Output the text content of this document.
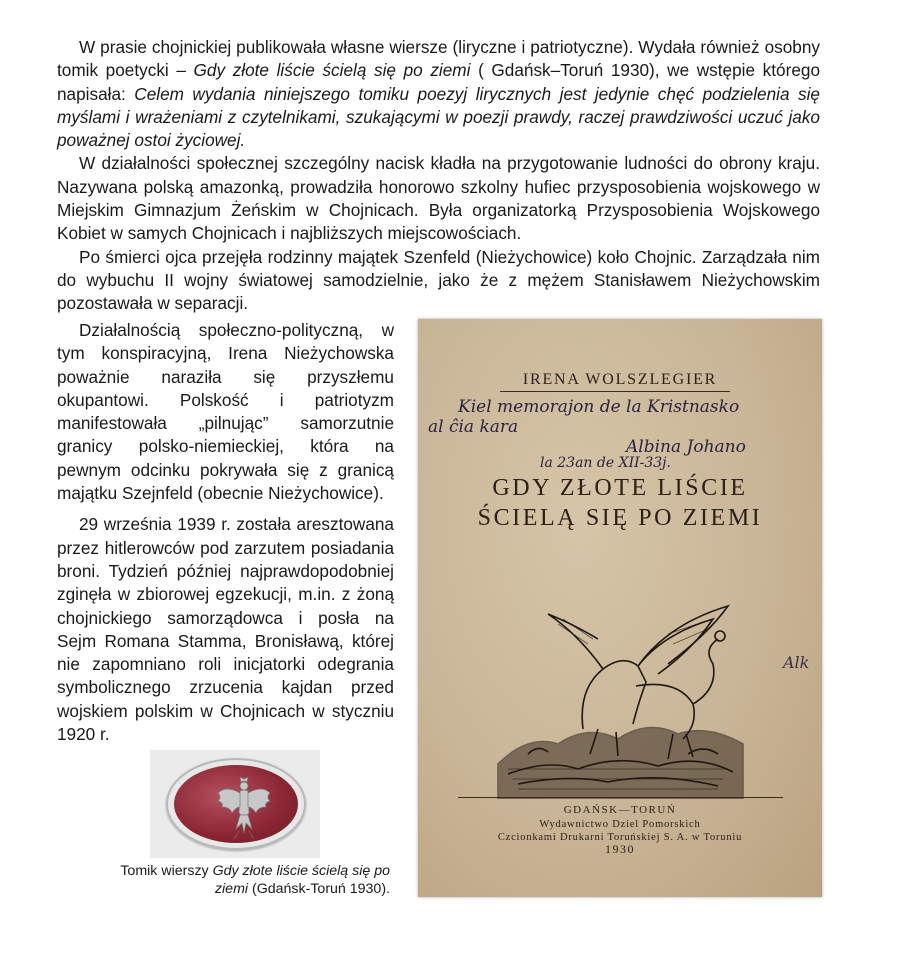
W prasie chojnickiej publikowała własne wiersze (liryczne i patriotyczne). Wydała również osobny tomik poetycki – Gdy złote liście ścielą się po ziemi ( Gdańsk–Toruń 1930), we wstępie którego napisała: Celem wydania niniejszego tomiku poezyj lirycznych jest jedynie chęć podzielenia się myślami i wrażeniami z czytelnikami, szukającymi w poezji prawdy, raczej prawdziwości uczuć jako poważnej ostoi życiowej.

W działalności społecznej szczególny nacisk kładła na przygotowanie ludności do obrony kraju. Nazywana polską amazonką, prowadziła honorowo szkolny hufiec przysposobienia wojskowego w Miejskim Gimnazjum Żeńskim w Chojnicach. Była organizatorką Przysposobienia Wojskowego Kobiet w samych Chojnicach i najbliższych miejscowościach.

Po śmierci ojca przejęła rodzinny majątek Szenfeld (Nieżychowice) koło Chojnic. Zarządzała nim do wybuchu II wojny światowej samodzielnie, jako że z mężem Stanisławem Nieżychowskim pozostawała w separacji.

Działalnością społeczno-polityczną, w tym konspiracyjną, Irena Nieżychowska poważnie naraziła się przyszłemu okupantowi. Polskość i patriotyzm manifestowała „pilnując” samorzutnie granicy polsko-niemieckiej, która na pewnym odcinku pokrywała się z granicą majątku Szejnfeld (obecnie Nieżychowice).

29 września 1939 r. została aresztowana przez hitlerowców pod zarzutem posiadania broni. Tydzień później najprawdopodobniej zginęła w zbiorowej egzekucji, m.in. z żoną chojnickiego samorządowca i posła na Sejm Romana Stamma, Bronisławą, której nie zapomniano roli inicjatorki odegrania symbolicznego zrzucenia kajdan przed wojskiem polskim w Chojnicach w styczniu 1920 r.

IRENA WOLSZLEGIER
Kiel memorajon de la Kristnasko
al ĉia kara
Albina Johano
la 23an de XII-33j.
GDY ZŁOTE LIŚCIE
ŚCIELĄ SIĘ PO ZIEMI
Alk
GDAŃSK—TORUŃ
Wydawnictwo Dziel Pomorskich
Czcionkami Drukarni Toruńskiej S. A. w Toruniu
1930
Tomik wierszy Gdy złote liście ścielą się po ziemi (Gdańsk-Toruń 1930).
